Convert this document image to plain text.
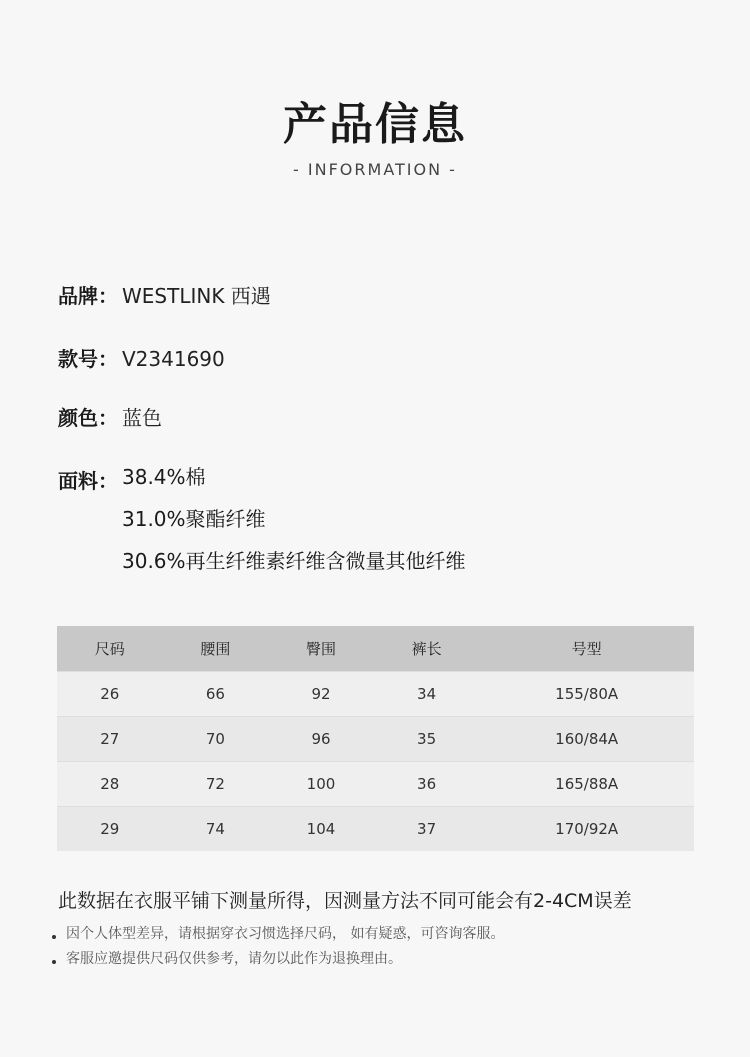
产品信息
- INFORMATION -
品牌： WESTLINK 西遇
款号： V2341690
颜色： 蓝色
面料： 38.4%棉
31.0%聚酯纤维
30.6%再生纤维素纤维含微量其他纤维
尺码	腰围	臀围	裤长	号型
26	66	92	34	155/80A
27	70	96	35	160/84A
28	72	100	36	165/88A
29	74	104	37	170/92A
此数据在衣服平铺下测量所得，因测量方法不同可能会有2-4CM误差
因个人体型差异，请根据穿衣习惯选择尺码， 如有疑惑，可咨询客服。
客服应邀提供尺码仅供参考，请勿以此作为退换理由。
